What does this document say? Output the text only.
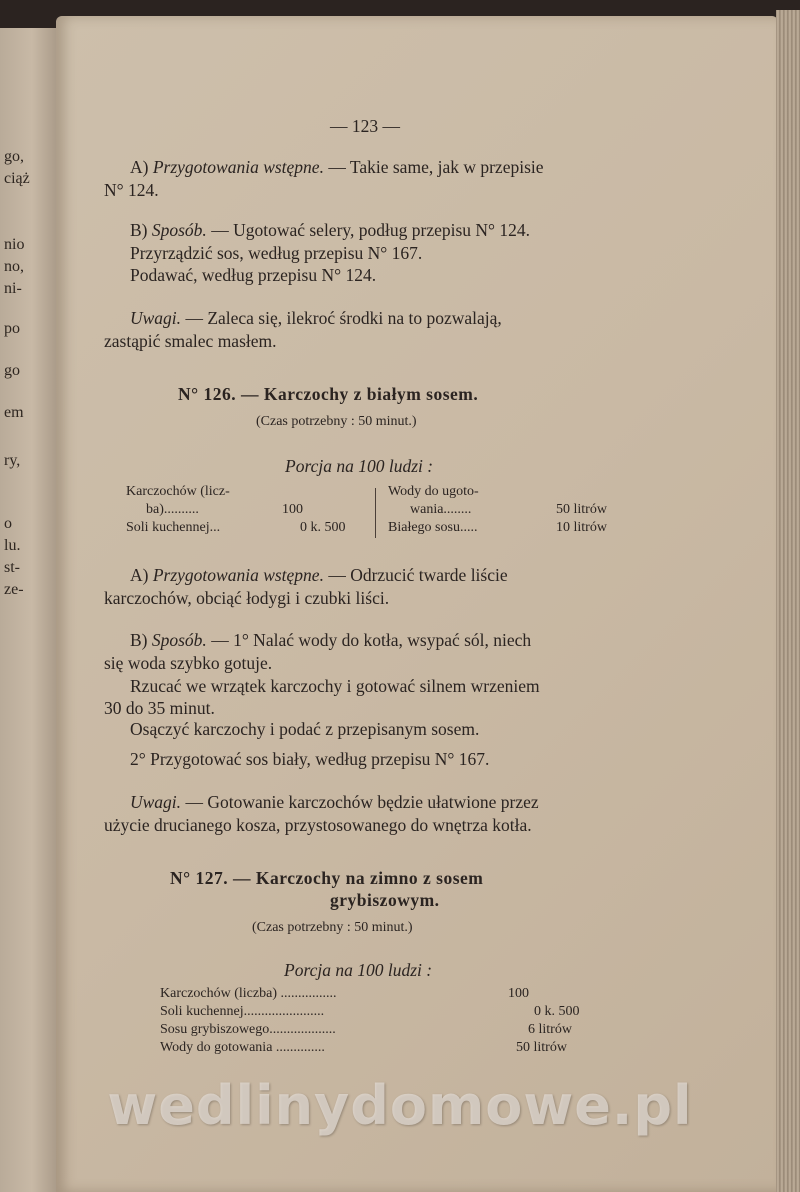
go,
ciąż
nio
no,
ni-
po
go
em
ry,
o
lu.
st-
ze-
— 123 —
A) Przygotowania wstępne. — Takie same, jak w przepisie
N° 124.
B) Sposób. — Ugotować selery, podług przepisu N° 124.
Przyrządzić sos, według przepisu N° 167.
Podawać, według przepisu N° 124.
Uwagi. — Zaleca się, ilekroć środki na to pozwalają,
zastąpić smalec masłem.
N° 126. — Karczochy z białym sosem.
(Czas potrzebny : 50 minut.)
Porcja na 100 ludzi :
Karczochów (licz-
ba)..........	100
Soli kuchennej...	0 k. 500
Wody do ugoto-
wania........	50 litrów
Białego sosu.....	10 litrów
A) Przygotowania wstępne. — Odrzucić twarde liście
karczochów, obciąć łodygi i czubki liści.
B) Sposób. — 1° Nalać wody do kotła, wsypać sól, niech
się woda szybko gotuje.
Rzucać we wrzątek karczochy i gotować silnem wrzeniem
30 do 35 minut.
Osączyć karczochy i podać z przepisanym sosem.
2° Przygotować sos biały, według przepisu N° 167.
Uwagi. — Gotowanie karczochów będzie ułatwione przez
użycie drucianego kosza, przystosowanego do wnętrza kotła.
N° 127. — Karczochy na zimno z sosem
grybiszowym.
(Czas potrzebny : 50 minut.)
Porcja na 100 ludzi :
Karczochów (liczba) ................	100
Soli kuchennej.......................	0 k. 500
Sosu grybiszowego...................	6 litrów
Wody do gotowania ..............	50 litrów
wedlinydomowe.pl
